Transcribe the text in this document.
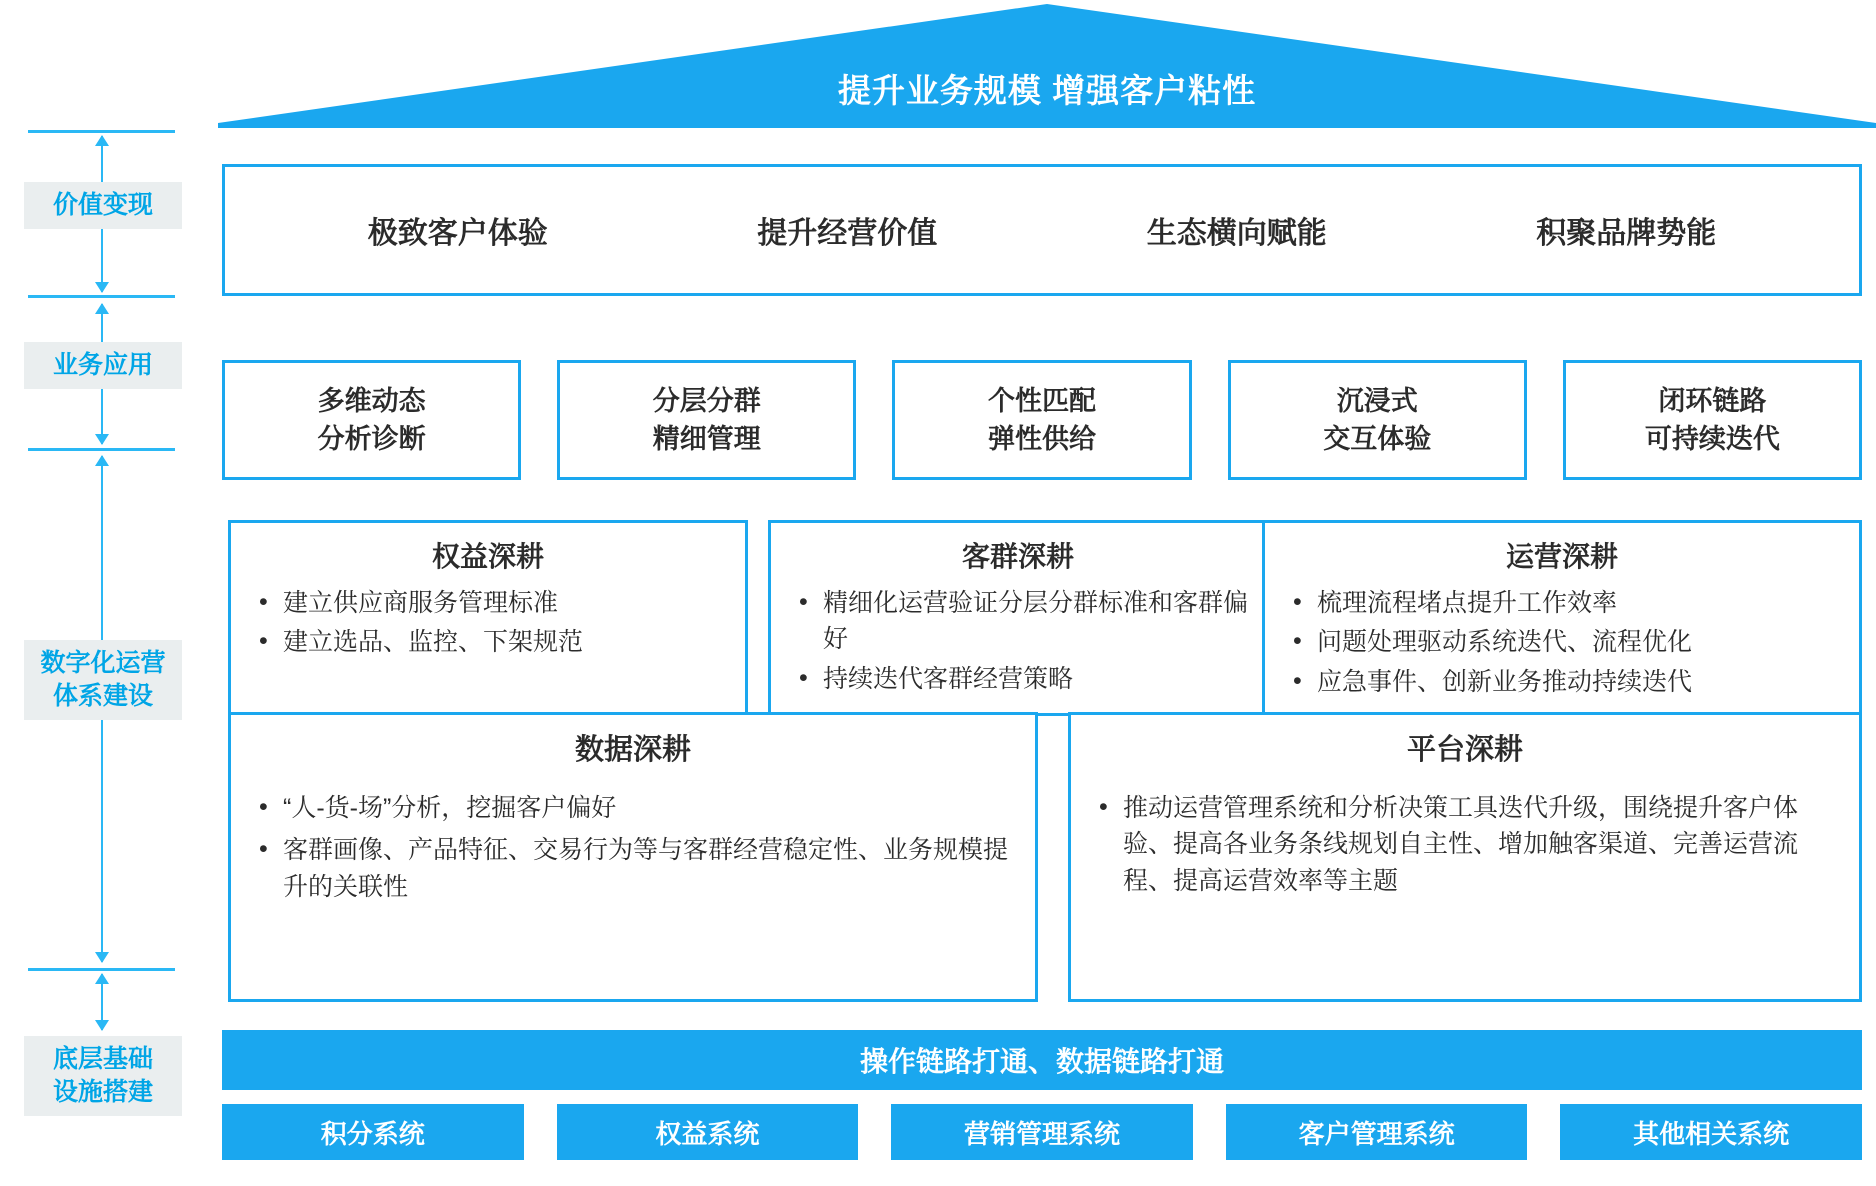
价值变现
业务应用
数字化运营
体系建设
底层基础
设施搭建
提升业务规模 增强客户粘性
极致客户体验	提升经营价值	生态横向赋能	积聚品牌势能
多维动态
分析诊断
分层分群
精细管理
个性匹配
弹性供给
沉浸式
交互体验
闭环链路
可持续迭代
权益深耕
• 建立供应商服务管理标准
• 建立选品、监控、下架规范
客群深耕
• 精细化运营验证分层分群标准和客群偏好
• 持续迭代客群经营策略
运营深耕
• 梳理流程堵点提升工作效率
• 问题处理驱动系统迭代、流程优化
• 应急事件、创新业务推动持续迭代
数据深耕
• “人-货-场”分析，挖掘客户偏好
• 客群画像、产品特征、交易行为等与客群经营稳定性、业务规模提升的关联性
平台深耕
• 推动运营管理系统和分析决策工具迭代升级，围绕提升客户体验、提高各业务条线规划自主性、增加触客渠道、完善运营流程、提高运营效率等主题
操作链路打通、数据链路打通
积分系统	权益系统	营销管理系统	客户管理系统	其他相关系统
